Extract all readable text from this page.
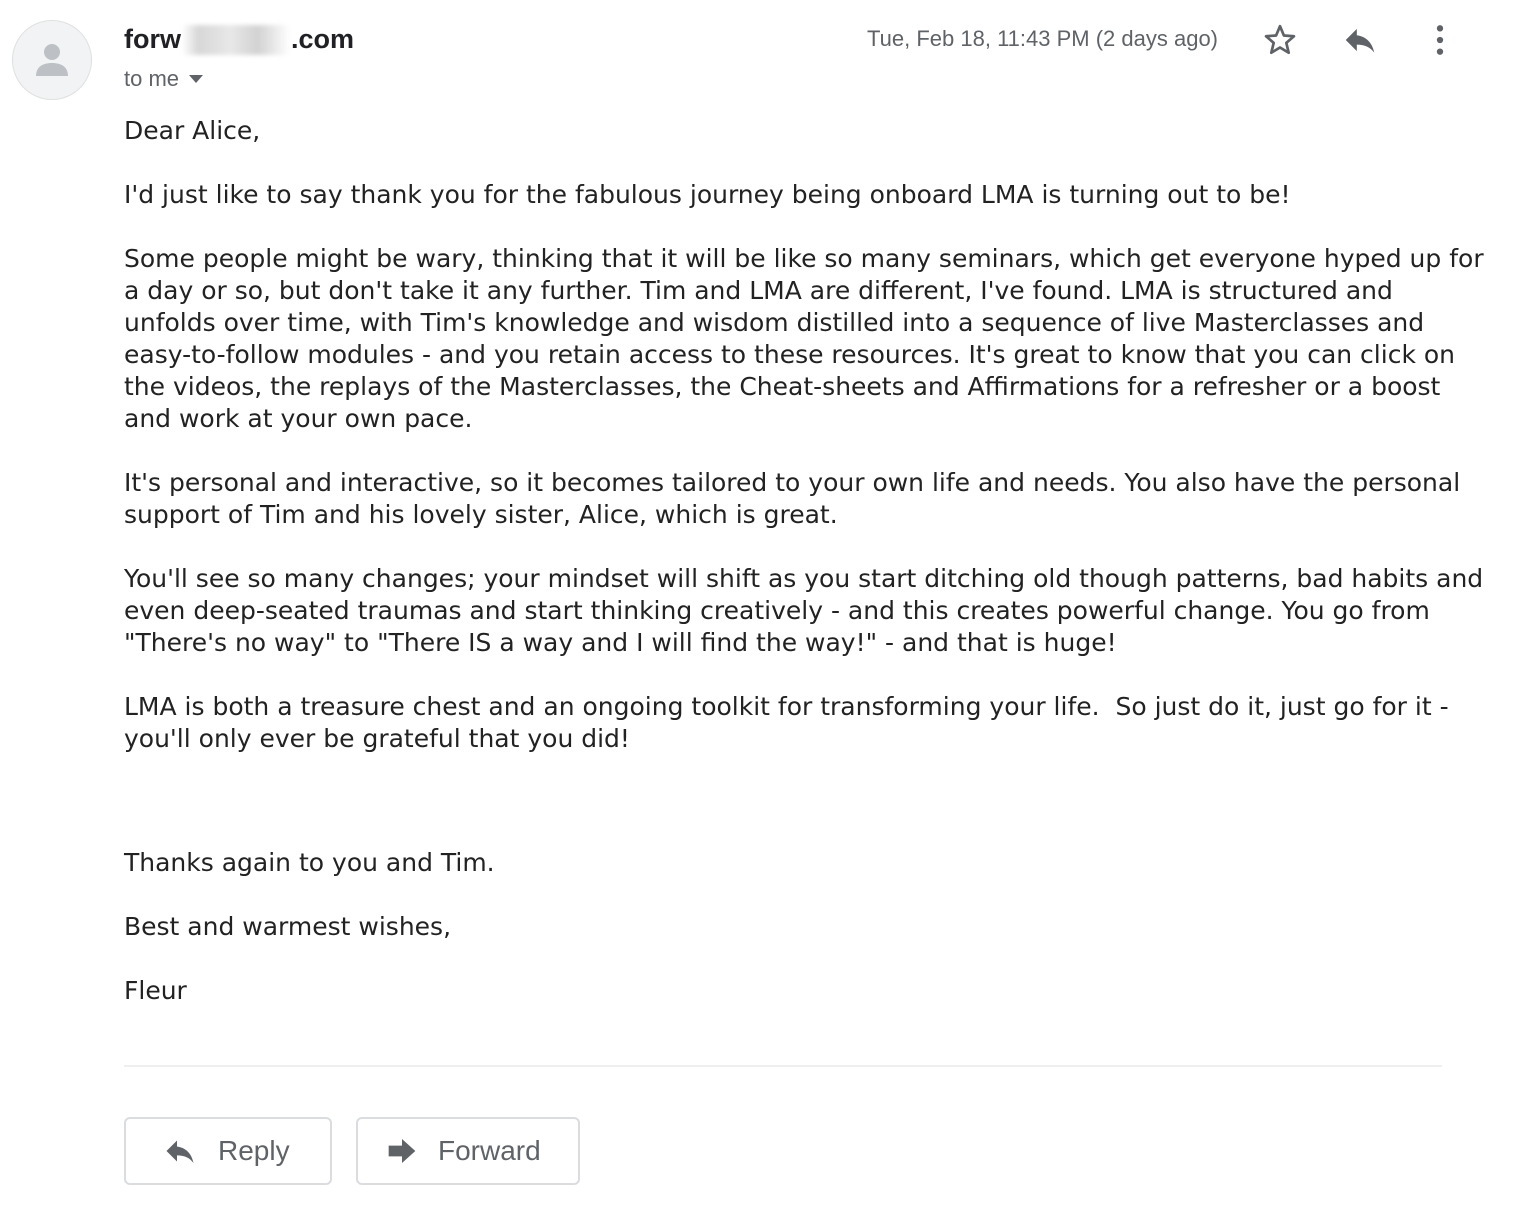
forw	.com
to me
Tue, Feb 18, 11:43 PM (2 days ago)

Dear Alice,

I'd just like to say thank you for the fabulous journey being onboard LMA is turning out to be!

Some people might be wary, thinking that it will be like so many seminars, which get everyone hyped up for a day or so, but don't take it any further. Tim and LMA are different, I've found. LMA is structured and unfolds over time, with Tim's knowledge and wisdom distilled into a sequence of live Masterclasses and easy-to-follow modules - and you retain access to these resources. It's great to know that you can click on the videos, the replays of the Masterclasses, the Cheat-sheets and Affirmations for a refresher or a boost and work at your own pace.

It's personal and interactive, so it becomes tailored to your own life and needs. You also have the personal support of Tim and his lovely sister, Alice, which is great.

You'll see so many changes; your mindset will shift as you start ditching old though patterns, bad habits and even deep-seated traumas and start thinking creatively - and this creates powerful change. You go from "There's no way" to "There IS a way and I will find the way!" - and that is huge!

LMA is both a treasure chest and an ongoing toolkit for transforming your life.  So just do it, just go for it - you'll only ever be grateful that you did!

Thanks again to you and Tim.

Best and warmest wishes,

Fleur

Reply	Forward
